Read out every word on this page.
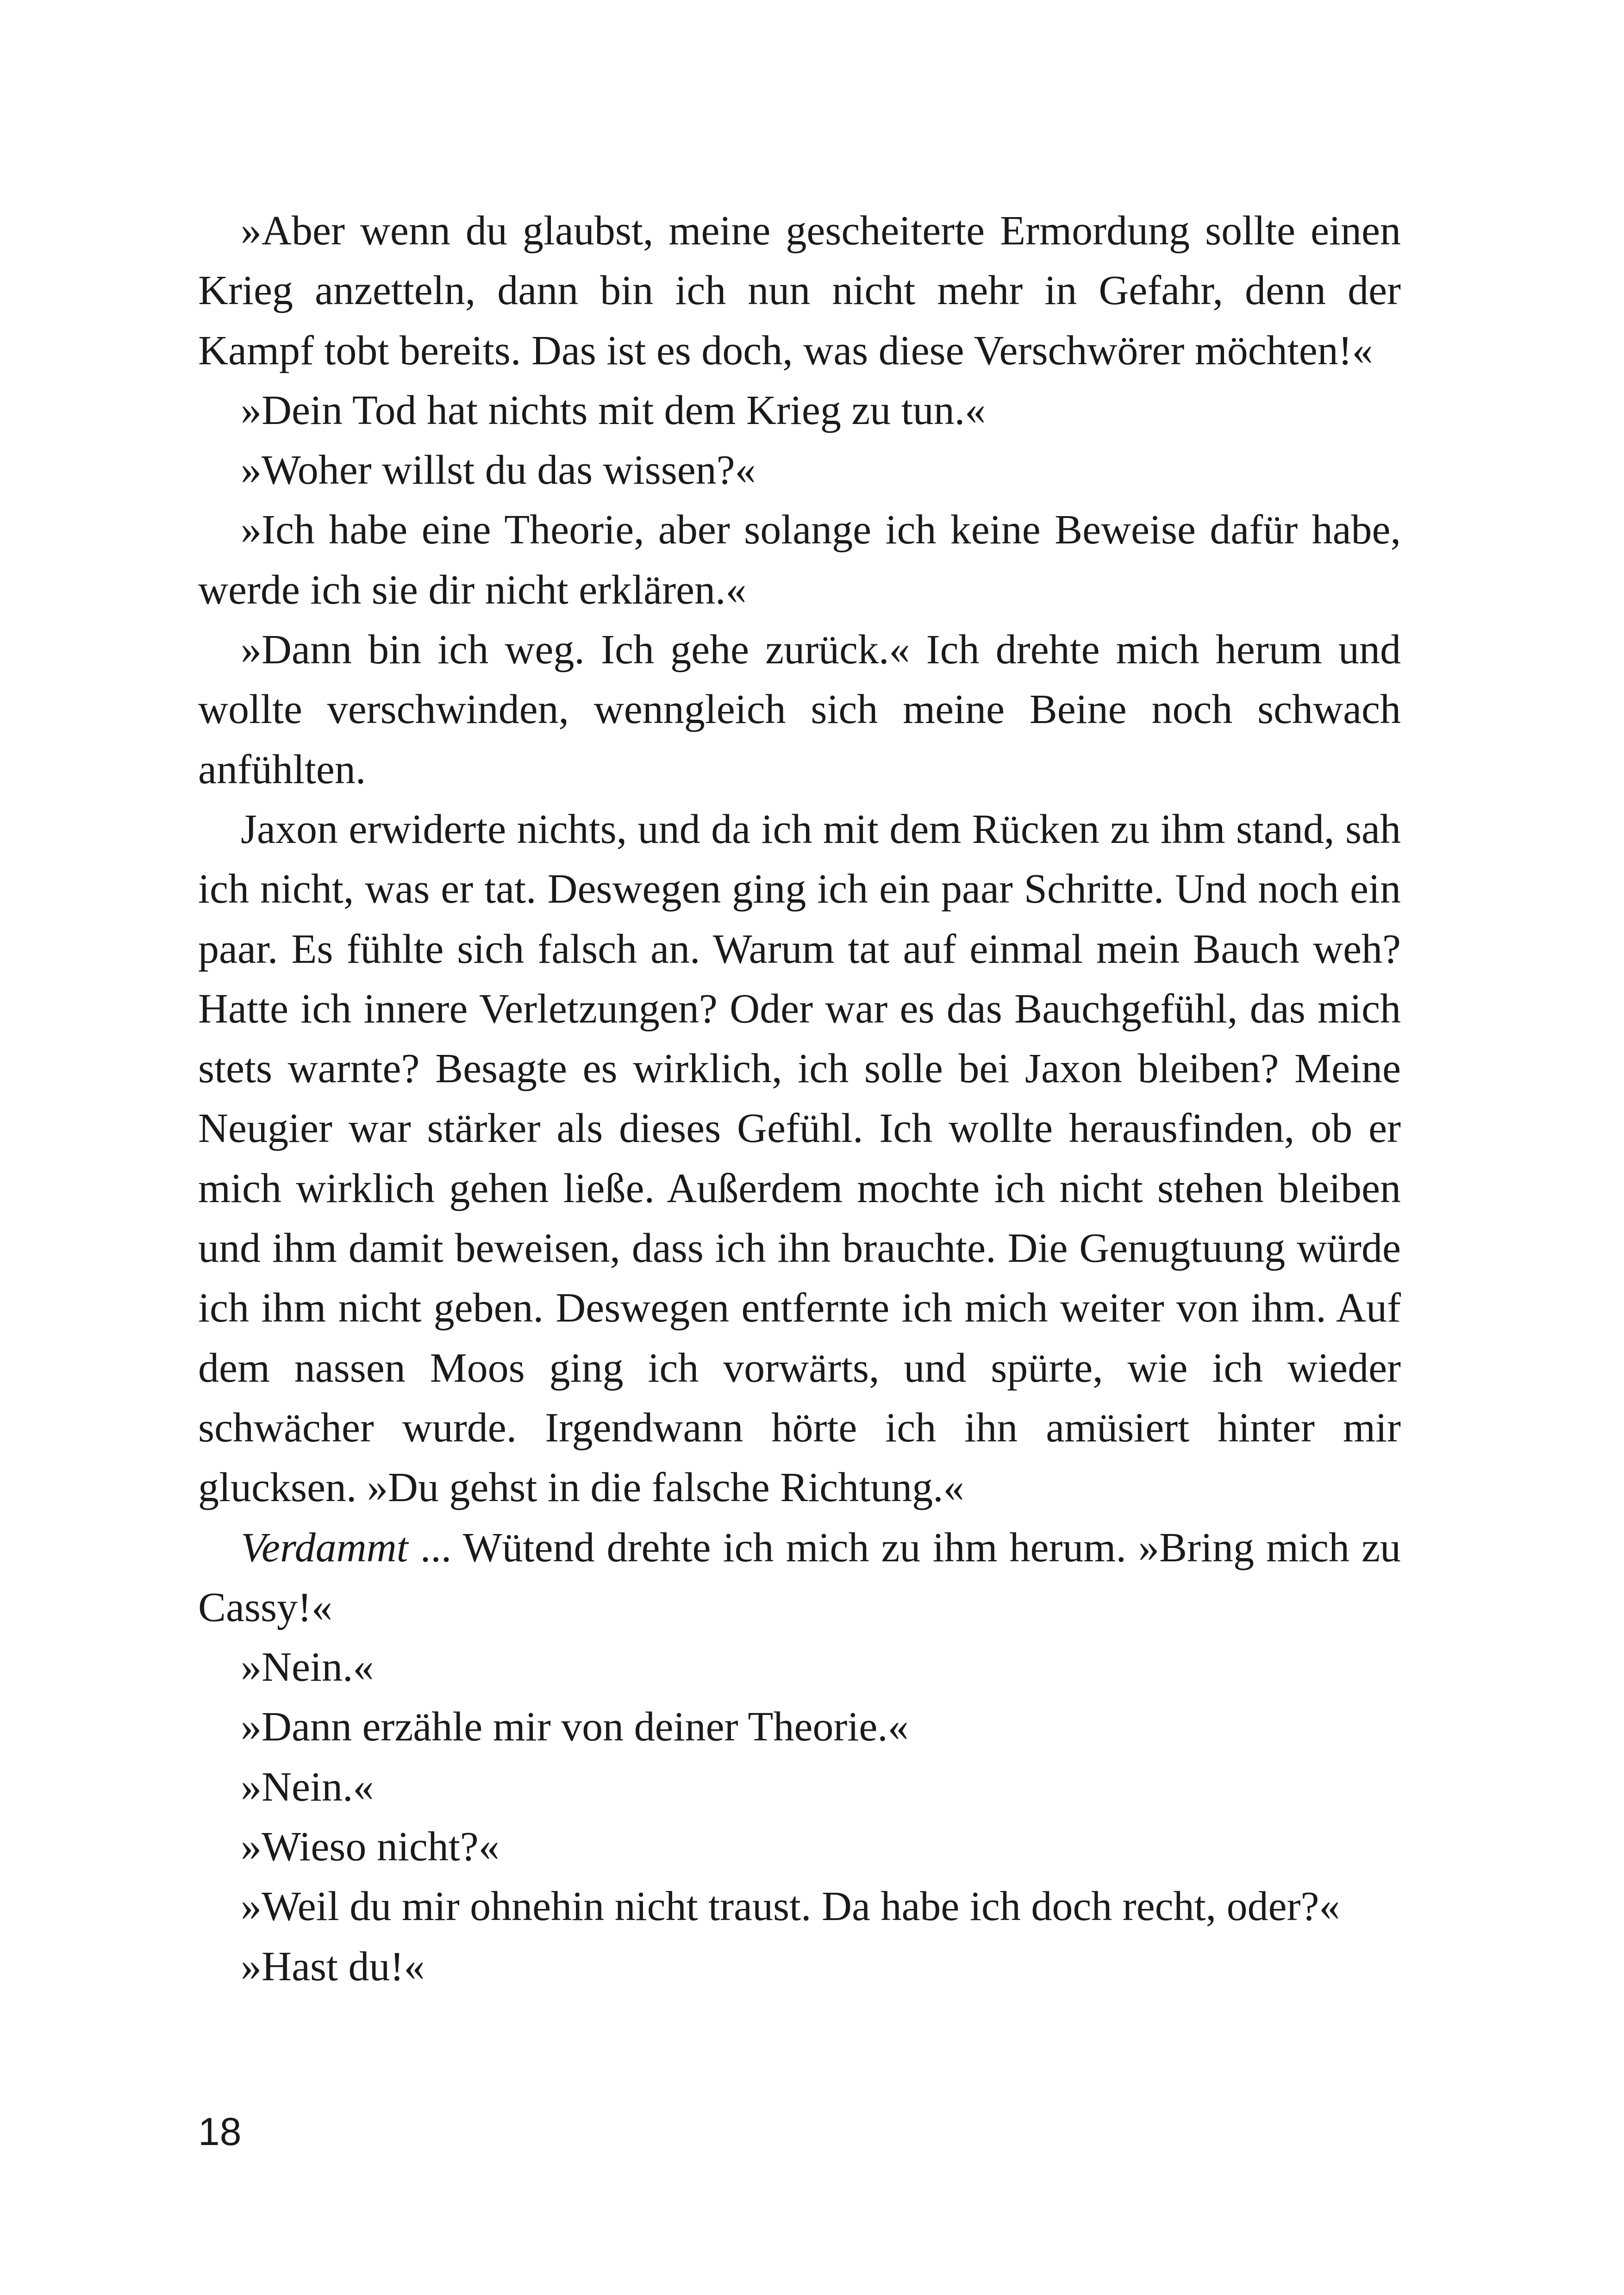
»Aber wenn du glaubst, meine gescheiterte Ermordung sollte einen Krieg anzetteln, dann bin ich nun nicht mehr in Gefahr, denn der Kampf tobt bereits. Das ist es doch, was diese Verschwörer möchten!«

»Dein Tod hat nichts mit dem Krieg zu tun.«

»Woher willst du das wissen?«

»Ich habe eine Theorie, aber solange ich keine Beweise dafür habe, werde ich sie dir nicht erklären.«

»Dann bin ich weg. Ich gehe zurück.« Ich drehte mich herum und wollte verschwinden, wenngleich sich meine Beine noch schwach anfühlten.

Jaxon erwiderte nichts, und da ich mit dem Rücken zu ihm stand, sah ich nicht, was er tat. Deswegen ging ich ein paar Schritte. Und noch ein paar. Es fühlte sich falsch an. Warum tat auf einmal mein Bauch weh? Hatte ich innere Verletzungen? Oder war es das Bauchgefühl, das mich stets warnte? Besagte es wirklich, ich solle bei Jaxon bleiben? Meine Neugier war stärker als dieses Gefühl. Ich wollte herausfinden, ob er mich wirklich gehen ließe. Außerdem mochte ich nicht stehen bleiben und ihm damit beweisen, dass ich ihn brauchte. Die Genugtuung würde ich ihm nicht geben. Deswegen entfernte ich mich weiter von ihm. Auf dem nassen Moos ging ich vorwärts, und spürte, wie ich wieder schwächer wurde. Irgendwann hörte ich ihn amüsiert hinter mir glucksen. »Du gehst in die falsche Richtung.«

Verdammt ... Wütend drehte ich mich zu ihm herum. »Bring mich zu Cassy!«

»Nein.«

»Dann erzähle mir von deiner Theorie.«

»Nein.«

»Wieso nicht?«

»Weil du mir ohnehin nicht traust. Da habe ich doch recht, oder?«

»Hast du!«

18
